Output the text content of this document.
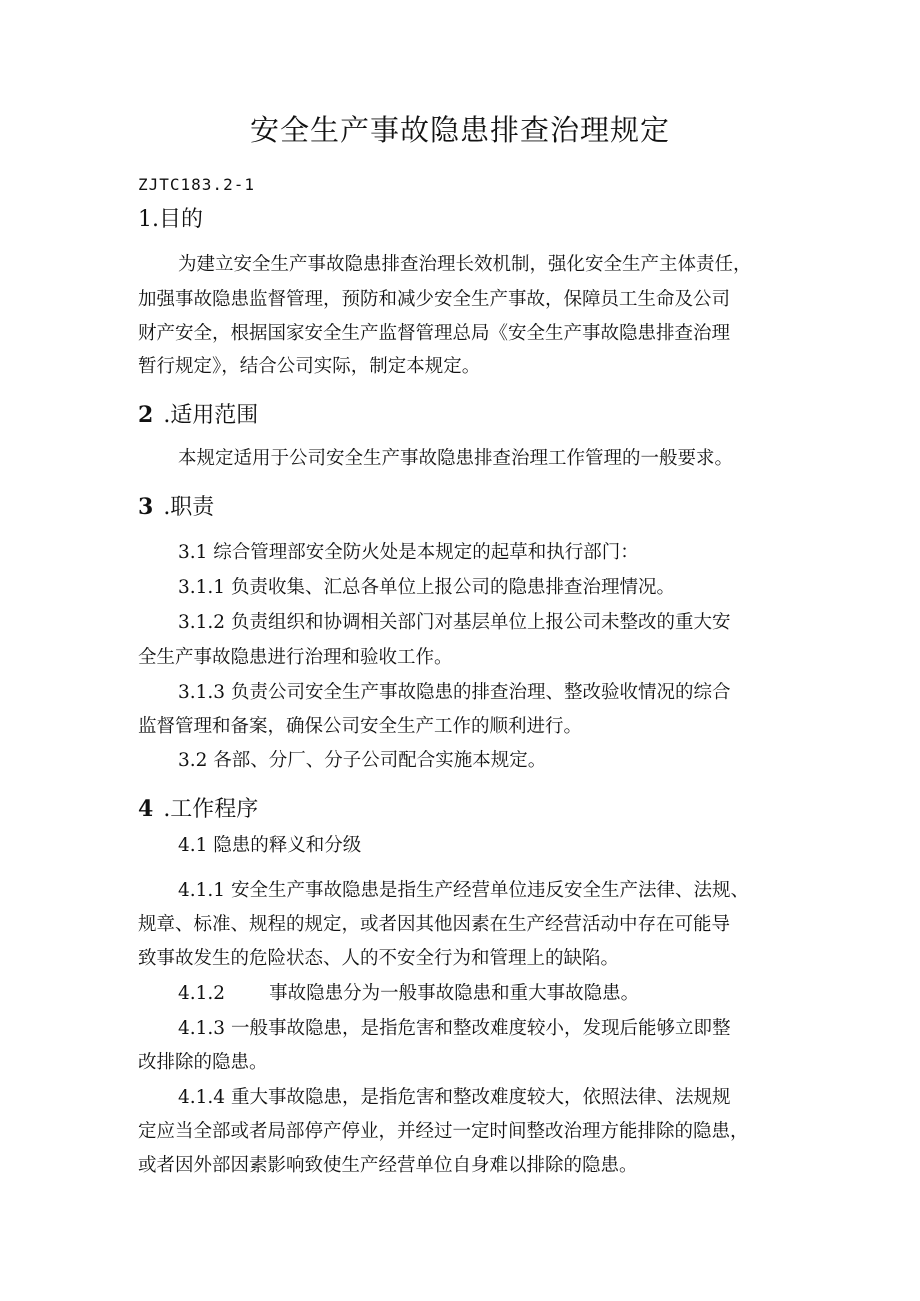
安全生产事故隐患排查治理规定
ZJTC183.2-1
1.目的
为建立安全生产事故隐患排查治理长效机制，强化安全生产主体责任，
加强事故隐患监督管理，预防和减少安全生产事故，保障员工生命及公司
财产安全，根据国家安全生产监督管理总局《安全生产事故隐患排查治理
暂行规定》，结合公司实际，制定本规定。
2 .适用范围
本规定适用于公司安全生产事故隐患排查治理工作管理的一般要求。
3 .职责
3.1 综合管理部安全防火处是本规定的起草和执行部门：
3.1.1 负责收集、汇总各单位上报公司的隐患排查治理情况。
3.1.2 负责组织和协调相关部门对基层单位上报公司未整改的重大安
全生产事故隐患进行治理和验收工作。
3.1.3 负责公司安全生产事故隐患的排查治理、整改验收情况的综合
监督管理和备案，确保公司安全生产工作的顺利进行。
3.2 各部、分厂、分子公司配合实施本规定。
4 .工作程序
4.1 隐患的释义和分级
4.1.1 安全生产事故隐患是指生产经营单位违反安全生产法律、法规、
规章、标准、规程的规定，或者因其他因素在生产经营活动中存在可能导
致事故发生的危险状态、人的不安全行为和管理上的缺陷。
4.1.2 事故隐患分为一般事故隐患和重大事故隐患。
4.1.3 一般事故隐患，是指危害和整改难度较小，发现后能够立即整
改排除的隐患。
4.1.4 重大事故隐患，是指危害和整改难度较大，依照法律、法规规
定应当全部或者局部停产停业，并经过一定时间整改治理方能排除的隐患，
或者因外部因素影响致使生产经营单位自身难以排除的隐患。
